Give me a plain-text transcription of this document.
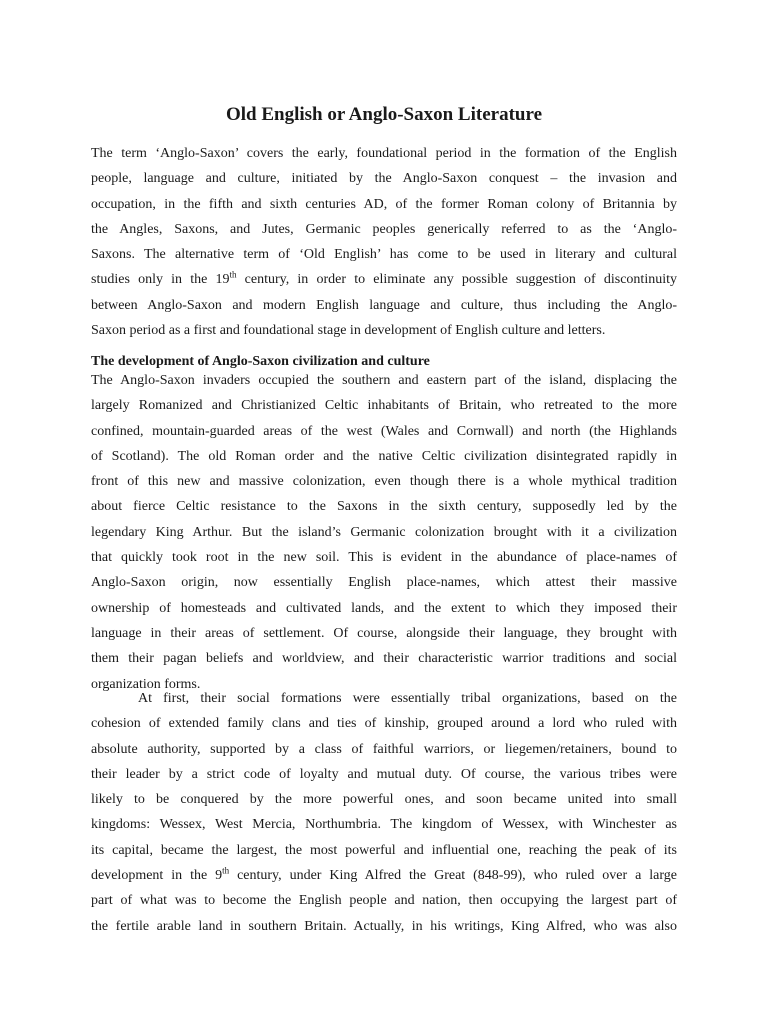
Old English or Anglo-Saxon Literature
The term ‘Anglo-Saxon’ covers the early, foundational period in the formation of the English
people, language and culture, initiated by the Anglo-Saxon conquest – the invasion and
occupation, in the fifth and sixth centuries AD, of the former Roman colony of Britannia by
the Angles, Saxons, and Jutes, Germanic peoples generically referred to as the ‘Anglo-
Saxons. The alternative term of ‘Old English’ has come to be used in literary and cultural
studies only in the 19th century, in order to eliminate any possible suggestion of discontinuity
between Anglo-Saxon and modern English language and culture, thus including the Anglo-
Saxon period as a first and foundational stage in development of English culture and letters.
The development of Anglo-Saxon civilization and culture
The Anglo-Saxon invaders occupied the southern and eastern part of the island, displacing the
largely Romanized and Christianized Celtic inhabitants of Britain, who retreated to the more
confined, mountain-guarded areas of the west (Wales and Cornwall) and north (the Highlands
of Scotland). The old Roman order and the native Celtic civilization disintegrated rapidly in
front of this new and massive colonization, even though there is a whole mythical tradition
about fierce Celtic resistance to the Saxons in the sixth century, supposedly led by the
legendary King Arthur. But the island’s Germanic colonization brought with it a civilization
that quickly took root in the new soil. This is evident in the abundance of place-names of
Anglo-Saxon origin, now essentially English place-names, which attest their massive
ownership of homesteads and cultivated lands, and the extent to which they imposed their
language in their areas of settlement. Of course, alongside their language, they brought with
them their pagan beliefs and worldview, and their characteristic warrior traditions and social
organization forms.
At first, their social formations were essentially tribal organizations, based on the
cohesion of extended family clans and ties of kinship, grouped around a lord who ruled with
absolute authority, supported by a class of faithful warriors, or liegemen/retainers, bound to
their leader by a strict code of loyalty and mutual duty. Of course, the various tribes were
likely to be conquered by the more powerful ones, and soon became united into small
kingdoms: Wessex, West Mercia, Northumbria. The kingdom of Wessex, with Winchester as
its capital, became the largest, the most powerful and influential one, reaching the peak of its
development in the 9th century, under King Alfred the Great (848-99), who ruled over a large
part of what was to become the English people and nation, then occupying the largest part of
the fertile arable land in southern Britain. Actually, in his writings, King Alfred, who was also
